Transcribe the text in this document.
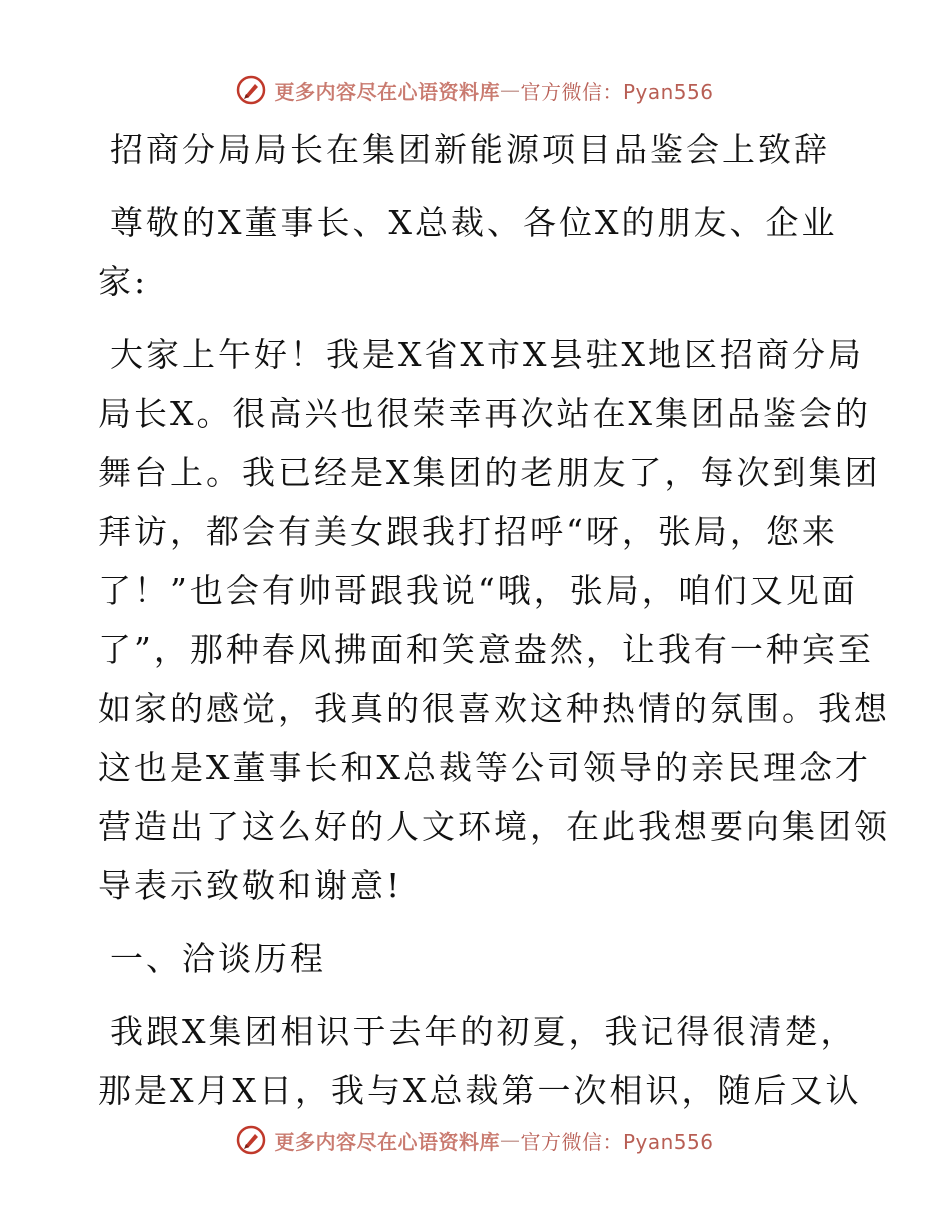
更多内容尽在心语资料库 — 官方微信：Pyan556
招商分局局长在集团新能源项目品鉴会上致辞
尊敬的X董事长、X总裁、各位X的朋友、企业
家:
大家上午好！我是X省X市X县驻X地区招商分局
局长X。很高兴也很荣幸再次站在X集团品鉴会的
舞台上。我已经是X集团的老朋友了，每次到集团
拜访，都会有美女跟我打招呼“呀，张局，您来
了！”也会有帅哥跟我说“哦，张局，咱们又见面
了”，那种春风拂面和笑意盎然，让我有一种宾至
如家的感觉，我真的很喜欢这种热情的氛围。我想
这也是X董事长和X总裁等公司领导的亲民理念才
营造出了这么好的人文环境，在此我想要向集团领
导表示致敬和谢意!
一、洽谈历程
我跟X集团相识于去年的初夏，我记得很清楚，
那是X月X日，我与X总裁第一次相识，随后又认
更多内容尽在心语资料库 — 官方微信：Pyan556
